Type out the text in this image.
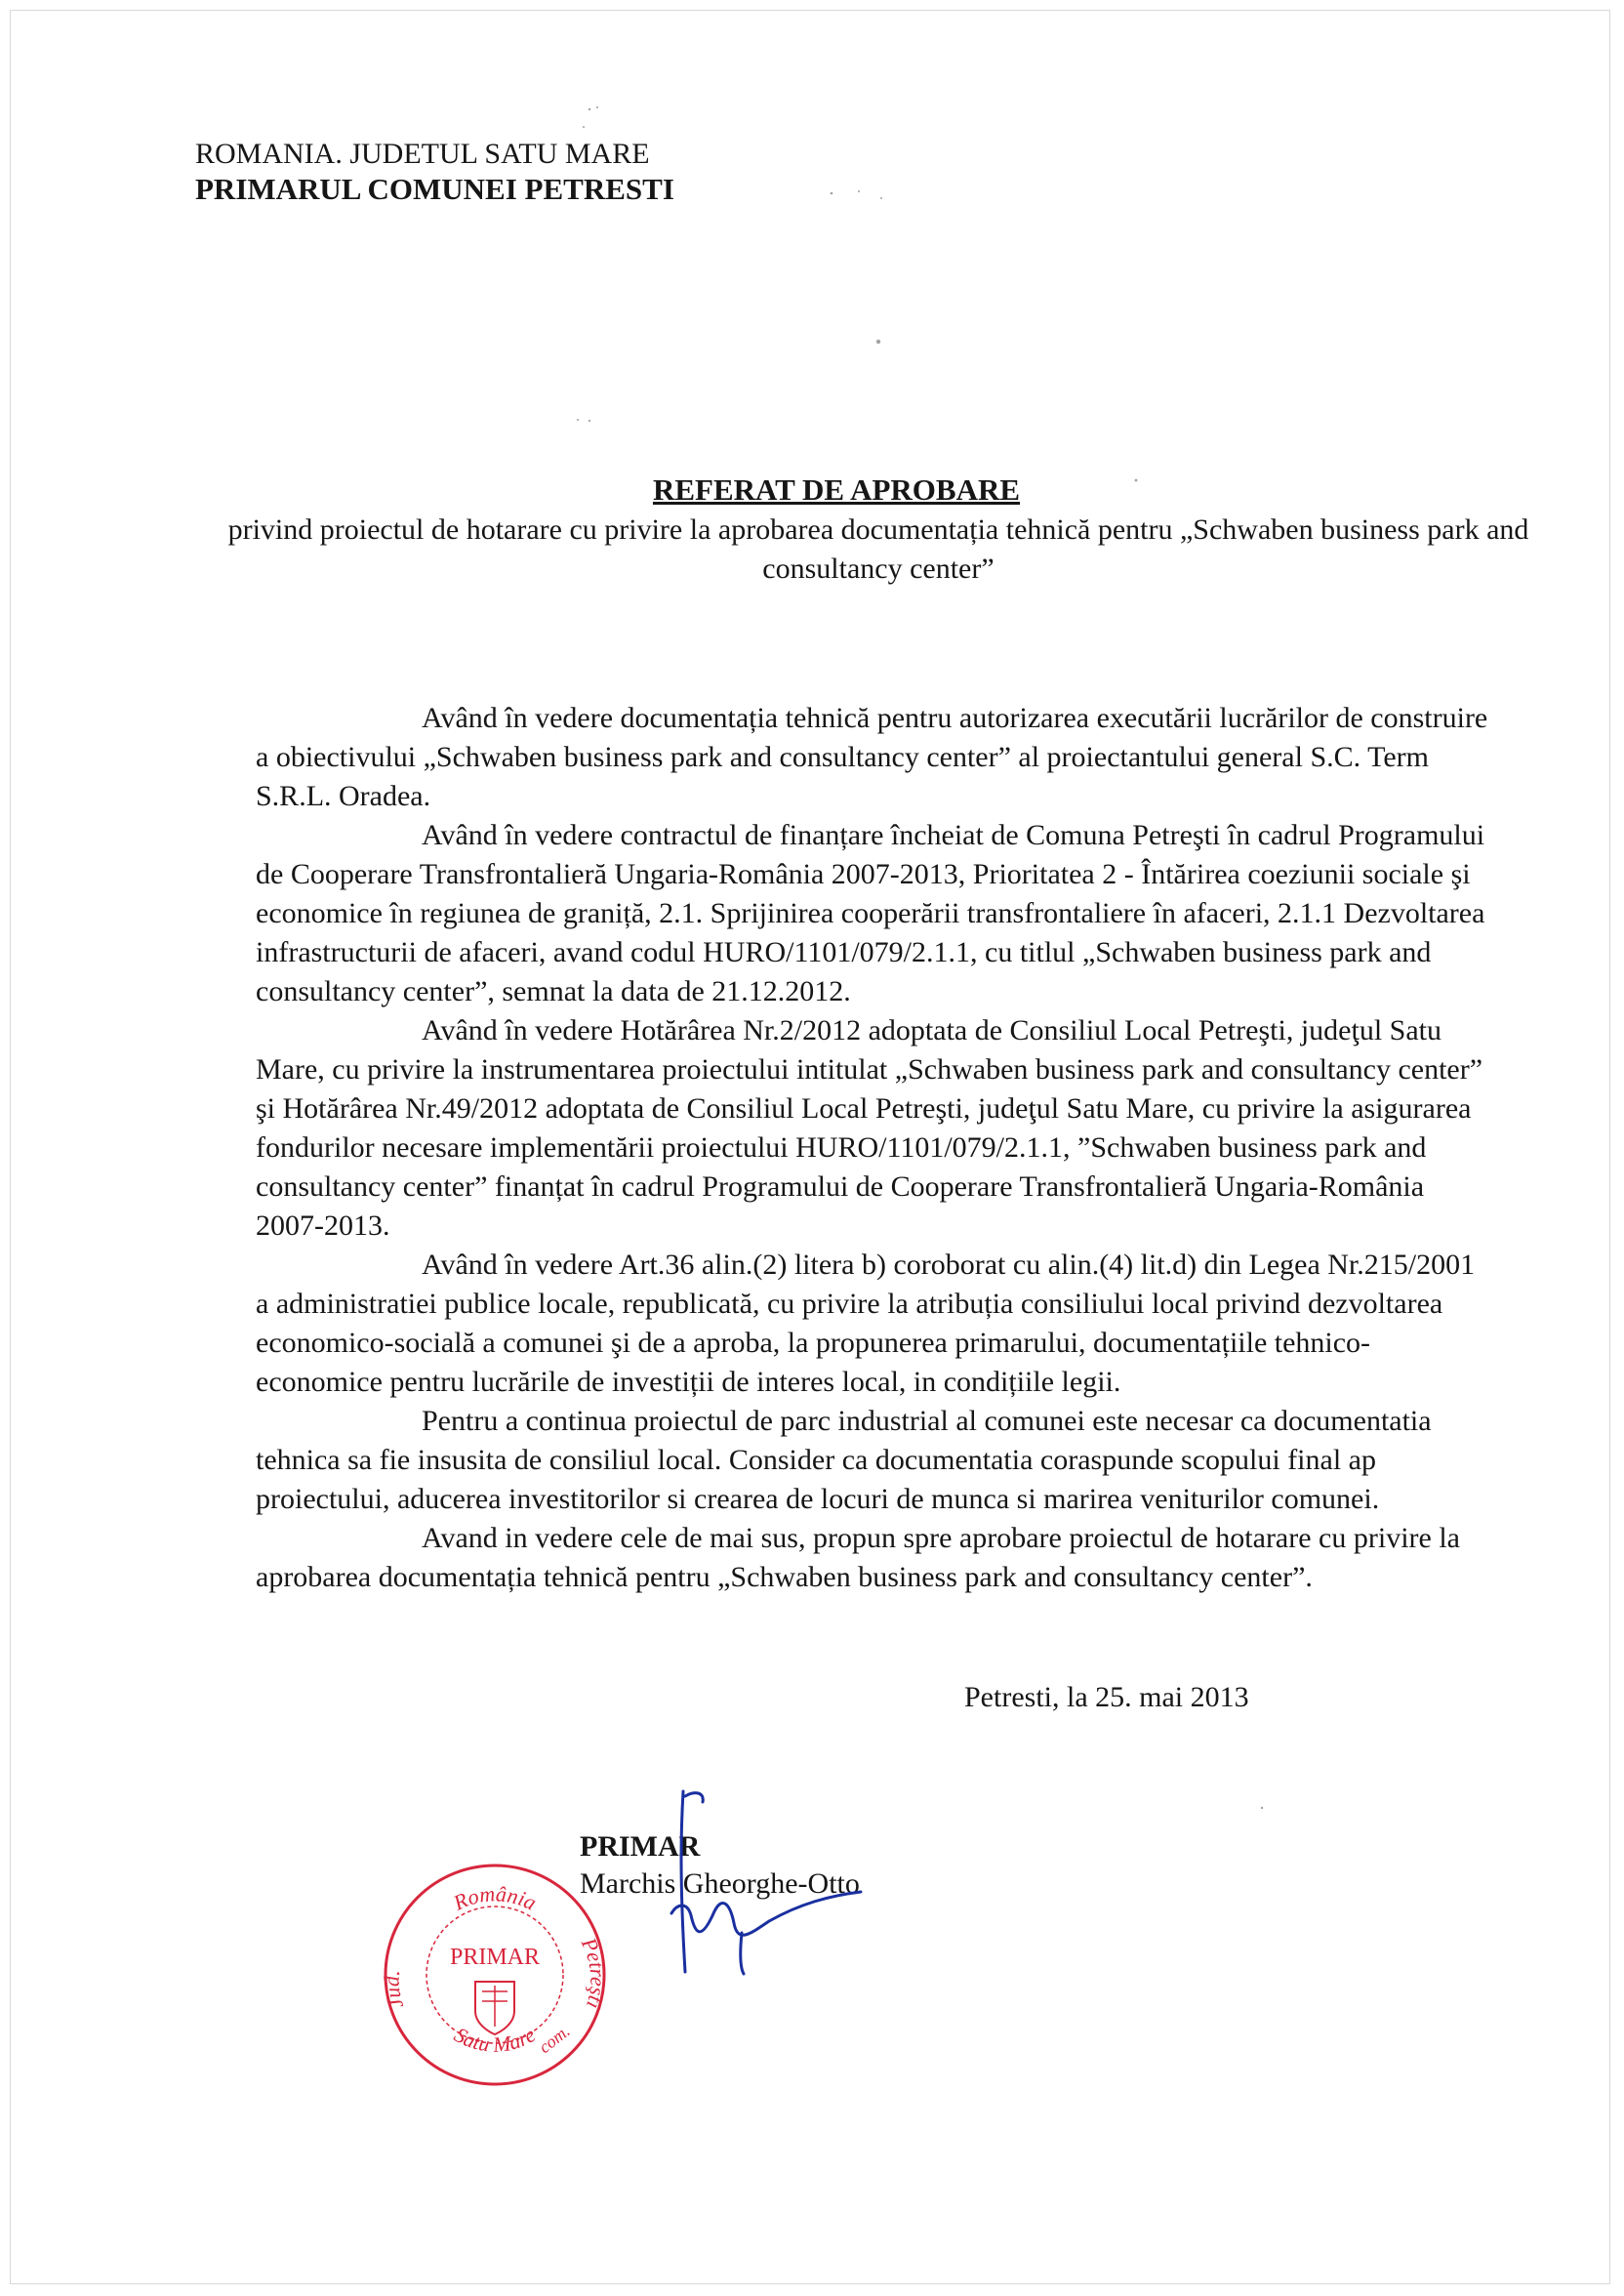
ROMANIA. JUDETUL SATU MARE
PRIMARUL COMUNEI PETRESTI
REFERAT DE APROBARE
privind proiectul de hotarare cu privire la aprobarea documentația tehnică pentru „Schwaben business park and consultancy center”

Având în vedere documentația tehnică pentru autorizarea executării lucrărilor de construire a obiectivului „Schwaben business park and consultancy center” al proiectantului general S.C. Term S.R.L. Oradea.

Având în vedere contractul de finanțare încheiat de Comuna Petreşti în cadrul Programului de Cooperare Transfrontalieră Ungaria-România 2007-2013, Prioritatea 2 - Întărirea coeziunii sociale şi economice în regiunea de graniță, 2.1. Sprijinirea cooperării transfrontaliere în afaceri, 2.1.1 Dezvoltarea infrastructurii de afaceri, avand codul HURO/1101/079/2.1.1, cu titlul „Schwaben business park and consultancy center”, semnat la data de 21.12.2012.

Având în vedere Hotărârea Nr.2/2012 adoptata de Consiliul Local Petreşti, judeţul Satu Mare, cu privire la instrumentarea proiectului intitulat „Schwaben business park and consultancy center” şi Hotărârea Nr.49/2012 adoptata de Consiliul Local Petreşti, judeţul Satu Mare, cu privire la asigurarea fondurilor necesare implementării proiectului HURO/1101/079/2.1.1, ”Schwaben business park and consultancy center” finanțat în cadrul Programului de Cooperare Transfrontalieră Ungaria-România 2007-2013.

Având în vedere Art.36 alin.(2) litera b) coroborat cu alin.(4) lit.d) din Legea Nr.215/2001 a administratiei publice locale, republicată, cu privire la atribuția consiliului local privind dezvoltarea economico-socială a comunei şi de a aproba, la propunerea primarului, documentațiile tehnico-economice pentru lucrările de investiții de interes local, in condițiile legii.

Pentru a continua proiectul de parc industrial al comunei este necesar ca documentatia tehnica sa fie insusita de consiliul local. Consider ca documentatia coraspunde scopului final ap proiectului, aducerea investitorilor si crearea de locuri de munca si marirea veniturilor comunei.

Avand in vedere cele de mai sus, propun spre aprobare proiectul de hotarare cu privire la aprobarea documentația tehnică pentru „Schwaben business park and consultancy center”.

Petresti, la 25. mai 2013
PRIMAR
Marchis Gheorghe-Otto
România
Satu Mare
Jud.
Petreşti
com.
PRIMAR
